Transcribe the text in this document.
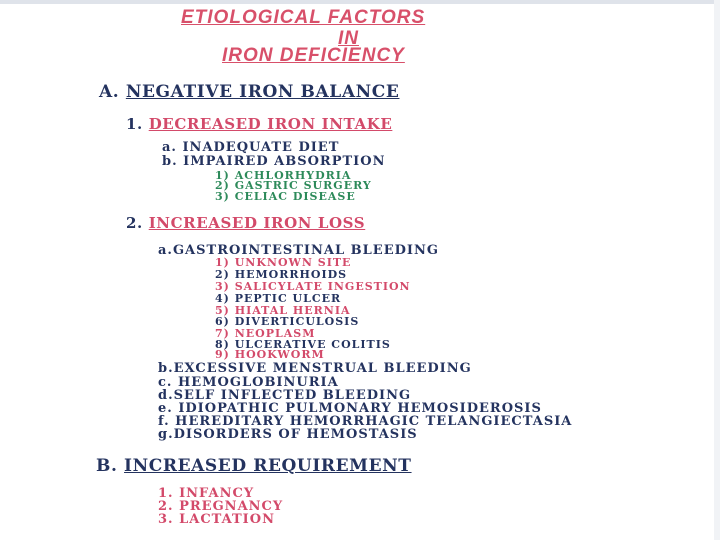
ETIOLOGICAL FACTORS
IN
IRON DEFICIENCY
A. NEGATIVE IRON BALANCE
1. DECREASED IRON INTAKE
a. INADEQUATE DIET
b. IMPAIRED ABSORPTION
1) ACHLORHYDRIA
2) GASTRIC SURGERY
3) CELIAC DISEASE
2. INCREASED IRON LOSS
a.GASTROINTESTINAL BLEEDING
1) UNKNOWN SITE
2) HEMORRHOIDS
3) SALICYLATE INGESTION
4) PEPTIC ULCER
5) HIATAL HERNIA
6) DIVERTICULOSIS
7) NEOPLASM
8) ULCERATIVE COLITIS
9) HOOKWORM
b.EXCESSIVE MENSTRUAL BLEEDING
c. HEMOGLOBINURIA
d.SELF INFLECTED BLEEDING
e. IDIOPATHIC PULMONARY HEMOSIDEROSIS
f. HEREDITARY HEMORRHAGIC TELANGIECTASIA
g.DISORDERS OF HEMOSTASIS
B. INCREASED REQUIREMENT
1. INFANCY
2. PREGNANCY
3. LACTATION
